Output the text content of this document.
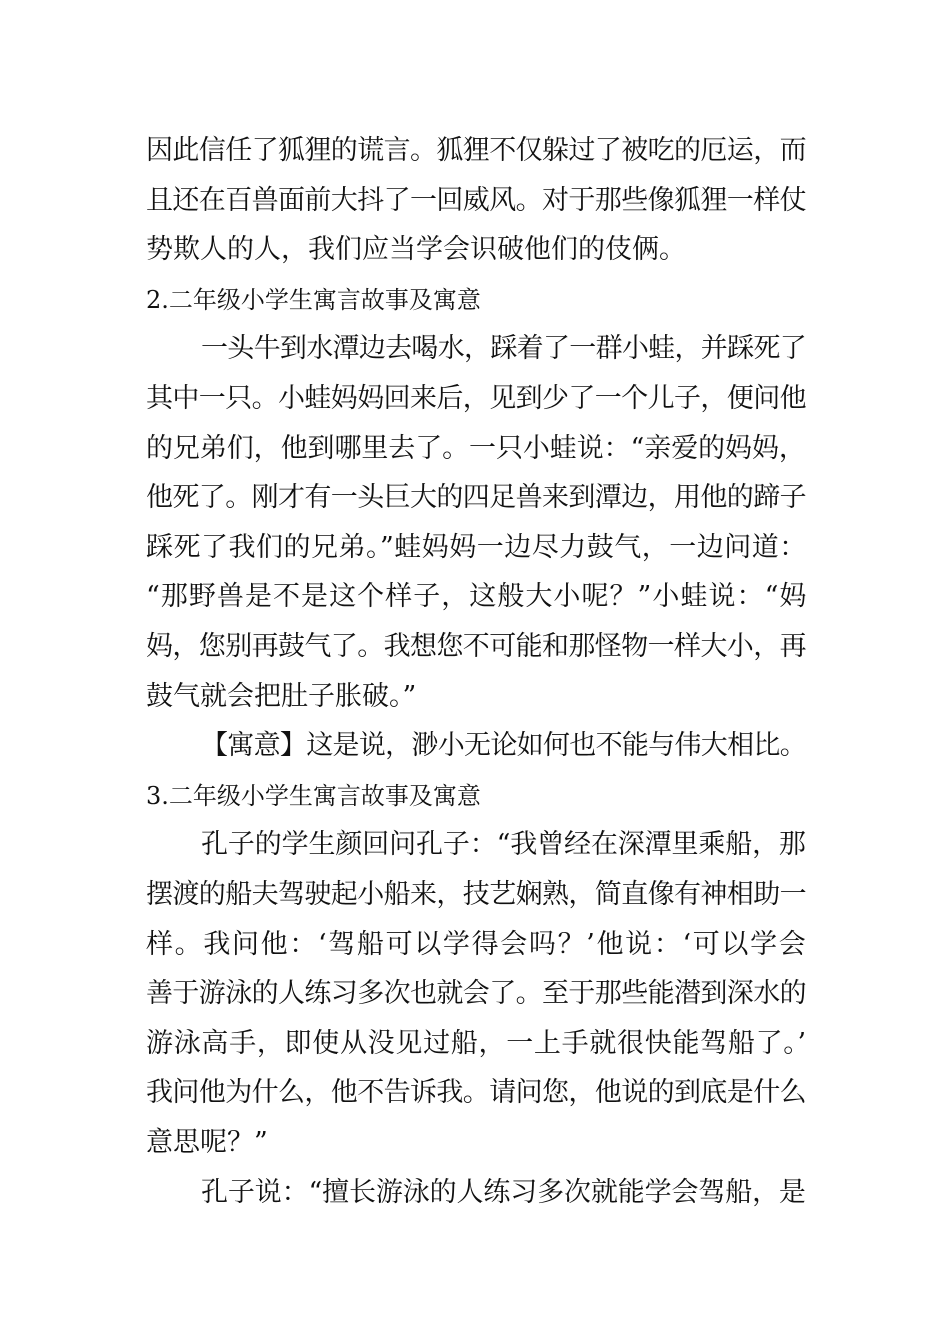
因此信任了狐狸的谎言。狐狸不仅躲过了被吃的厄运，而
且还在百兽面前大抖了一回威风。对于那些像狐狸一样仗
势欺人的人，我们应当学会识破他们的伎俩。
2.二年级小学生寓言故事及寓意
一头牛到水潭边去喝水，踩着了一群小蛙，并踩死了
其中一只。小蛙妈妈回来后，见到少了一个儿子，便问他
的兄弟们，他到哪里去了。一只小蛙说：“亲爱的妈妈，
他死了。刚才有一头巨大的四足兽来到潭边，用他的蹄子
踩死了我们的兄弟。”蛙妈妈一边尽力鼓气，一边问道：
“那野兽是不是这个样子，这般大小呢？”小蛙说：“妈
妈，您别再鼓气了。我想您不可能和那怪物一样大小，再
鼓气就会把肚子胀破。”
【寓意】这是说，渺小无论如何也不能与伟大相比。
3.二年级小学生寓言故事及寓意
孔子的学生颜回问孔子：“我曾经在深潭里乘船，那
摆渡的船夫驾驶起小船来，技艺娴熟，简直像有神相助一
样。我问他：‘驾船可以学得会吗？’他说：‘可以学会
善于游泳的人练习多次也就会了。至于那些能潜到深水的
游泳高手，即使从没见过船，一上手就很快能驾船了。’
我问他为什么，他不告诉我。请问您，他说的到底是什么
意思呢？”
孔子说：“擅长游泳的人练习多次就能学会驾船，是
